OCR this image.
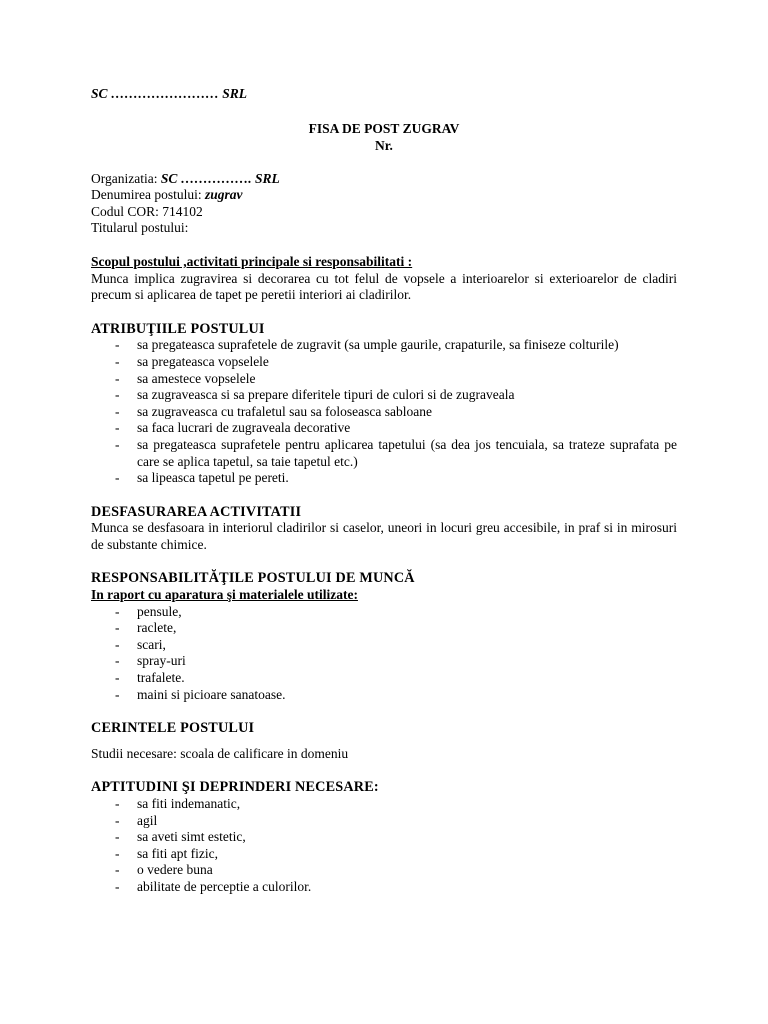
SC …………………… SRL

FISA DE POST ZUGRAV
Nr.
Organizatia: SC ……………. SRL
Denumirea postului: zugrav
Codul COR: 714102
Titularul postului:
Scopul postului ,activitati principale si responsabilitati :
Munca implica zugravirea si decorarea cu tot felul de vopsele a interioarelor si exterioarelor de cladiri precum si aplicarea de tapet pe peretii interiori ai cladirilor.
ATRIBUŢIILE POSTULUI
- sa pregateasca suprafetele de zugravit (sa umple gaurile, crapaturile, sa finiseze colturile)
- sa pregateasca vopselele
- sa amestece vopselele
- sa zugraveasca si sa prepare diferitele tipuri de culori si de zugraveala
- sa zugraveasca cu trafaletul sau sa foloseasca sabloane
- sa faca lucrari de zugraveala decorative
- sa pregateasca suprafetele pentru aplicarea tapetului (sa dea jos tencuiala, sa trateze suprafata pe care se aplica tapetul, sa taie tapetul etc.)
- sa lipeasca tapetul pe pereti.
DESFASURAREA ACTIVITATII
Munca se desfasoara in interiorul cladirilor si caselor, uneori in locuri greu accesibile, in praf si in mirosuri de substante chimice.
RESPONSABILITĂŢILE POSTULUI DE MUNCĂ
In raport cu aparatura şi materialele utilizate:
- pensule,
- raclete,
- scari,
- spray-uri
- trafalete.
- maini si picioare sanatoase.
CERINTELE POSTULUI
Studii necesare: scoala de calificare in domeniu
APTITUDINI ŞI DEPRINDERI NECESARE:
- sa fiti indemanatic,
- agil
- sa aveti simt estetic,
- sa fiti apt fizic,
- o vedere buna
- abilitate de perceptie a culorilor.
